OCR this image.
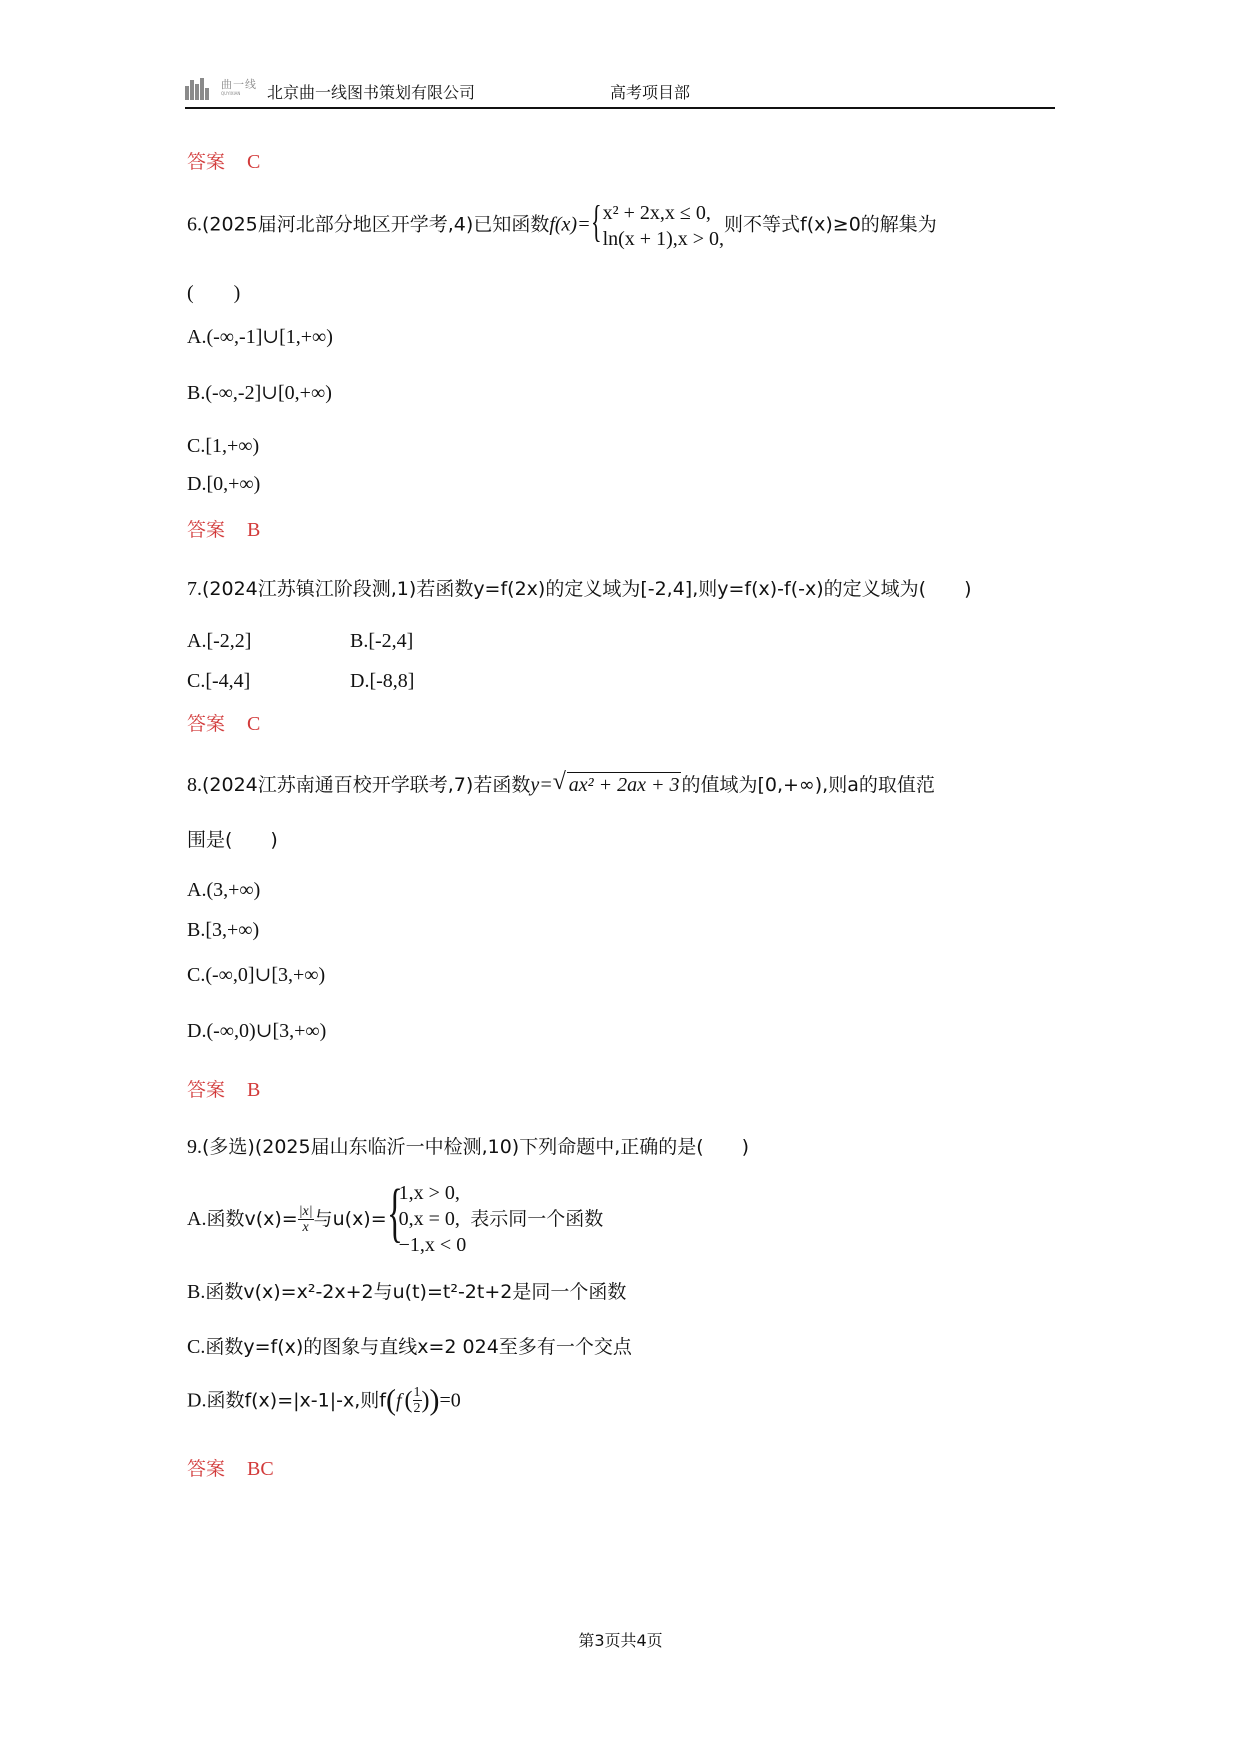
曲一线
QUYIXIAN 北京曲一线图书策划有限公司	高考项目部
答案 C
6.(2025届河北部分地区开学考,4)已知函数f(x)= { x² + 2x,x ≤ 0,
ln(x + 1),x > 0,
则不等式f(x)≥0的解集为
(　　)
A.(-∞,-1]∪[1,+∞)
B.(-∞,-2]∪[0,+∞)
C.[1,+∞)
D.[0,+∞)
答案 B
7.(2024江苏镇江阶段测,1)若函数y=f(2x)的定义域为[-2,4],则y=f(x)-f(-x)的定义域为(　　)
A.[-2,2]	B.[-2,4]
C.[-4,4]	D.[-8,8]
答案 C
8.(2024江苏南通百校开学联考,7)若函数y= √ ax² + 2ax + 3 的值域为[0,+∞),则a的取值范
围是(　　)
A.(3,+∞)
B.[3,+∞)
C.(-∞,0]∪[3,+∞)
D.(-∞,0)∪[3,+∞)
答案 B
9.(多选)(2025届山东临沂一中检测,10)下列命题中,正确的是(　　)
A.函数$v(x)= \frac{|x|}{x}$ 与u(x)= {
1,x > 0,
0,x = 0,
−1,x < 0
表示同一个函数
B.函数v(x)=x²-2x+2与u(t)=t²-2t+2是同一个函数
C.函数y=f(x)的图象与直线x=2 024至多有一个交点
D.函数f(x)=|x-1|-x,则f(f ( $\frac{1}{2} ))=0$
答案 BC
第3页共4页
